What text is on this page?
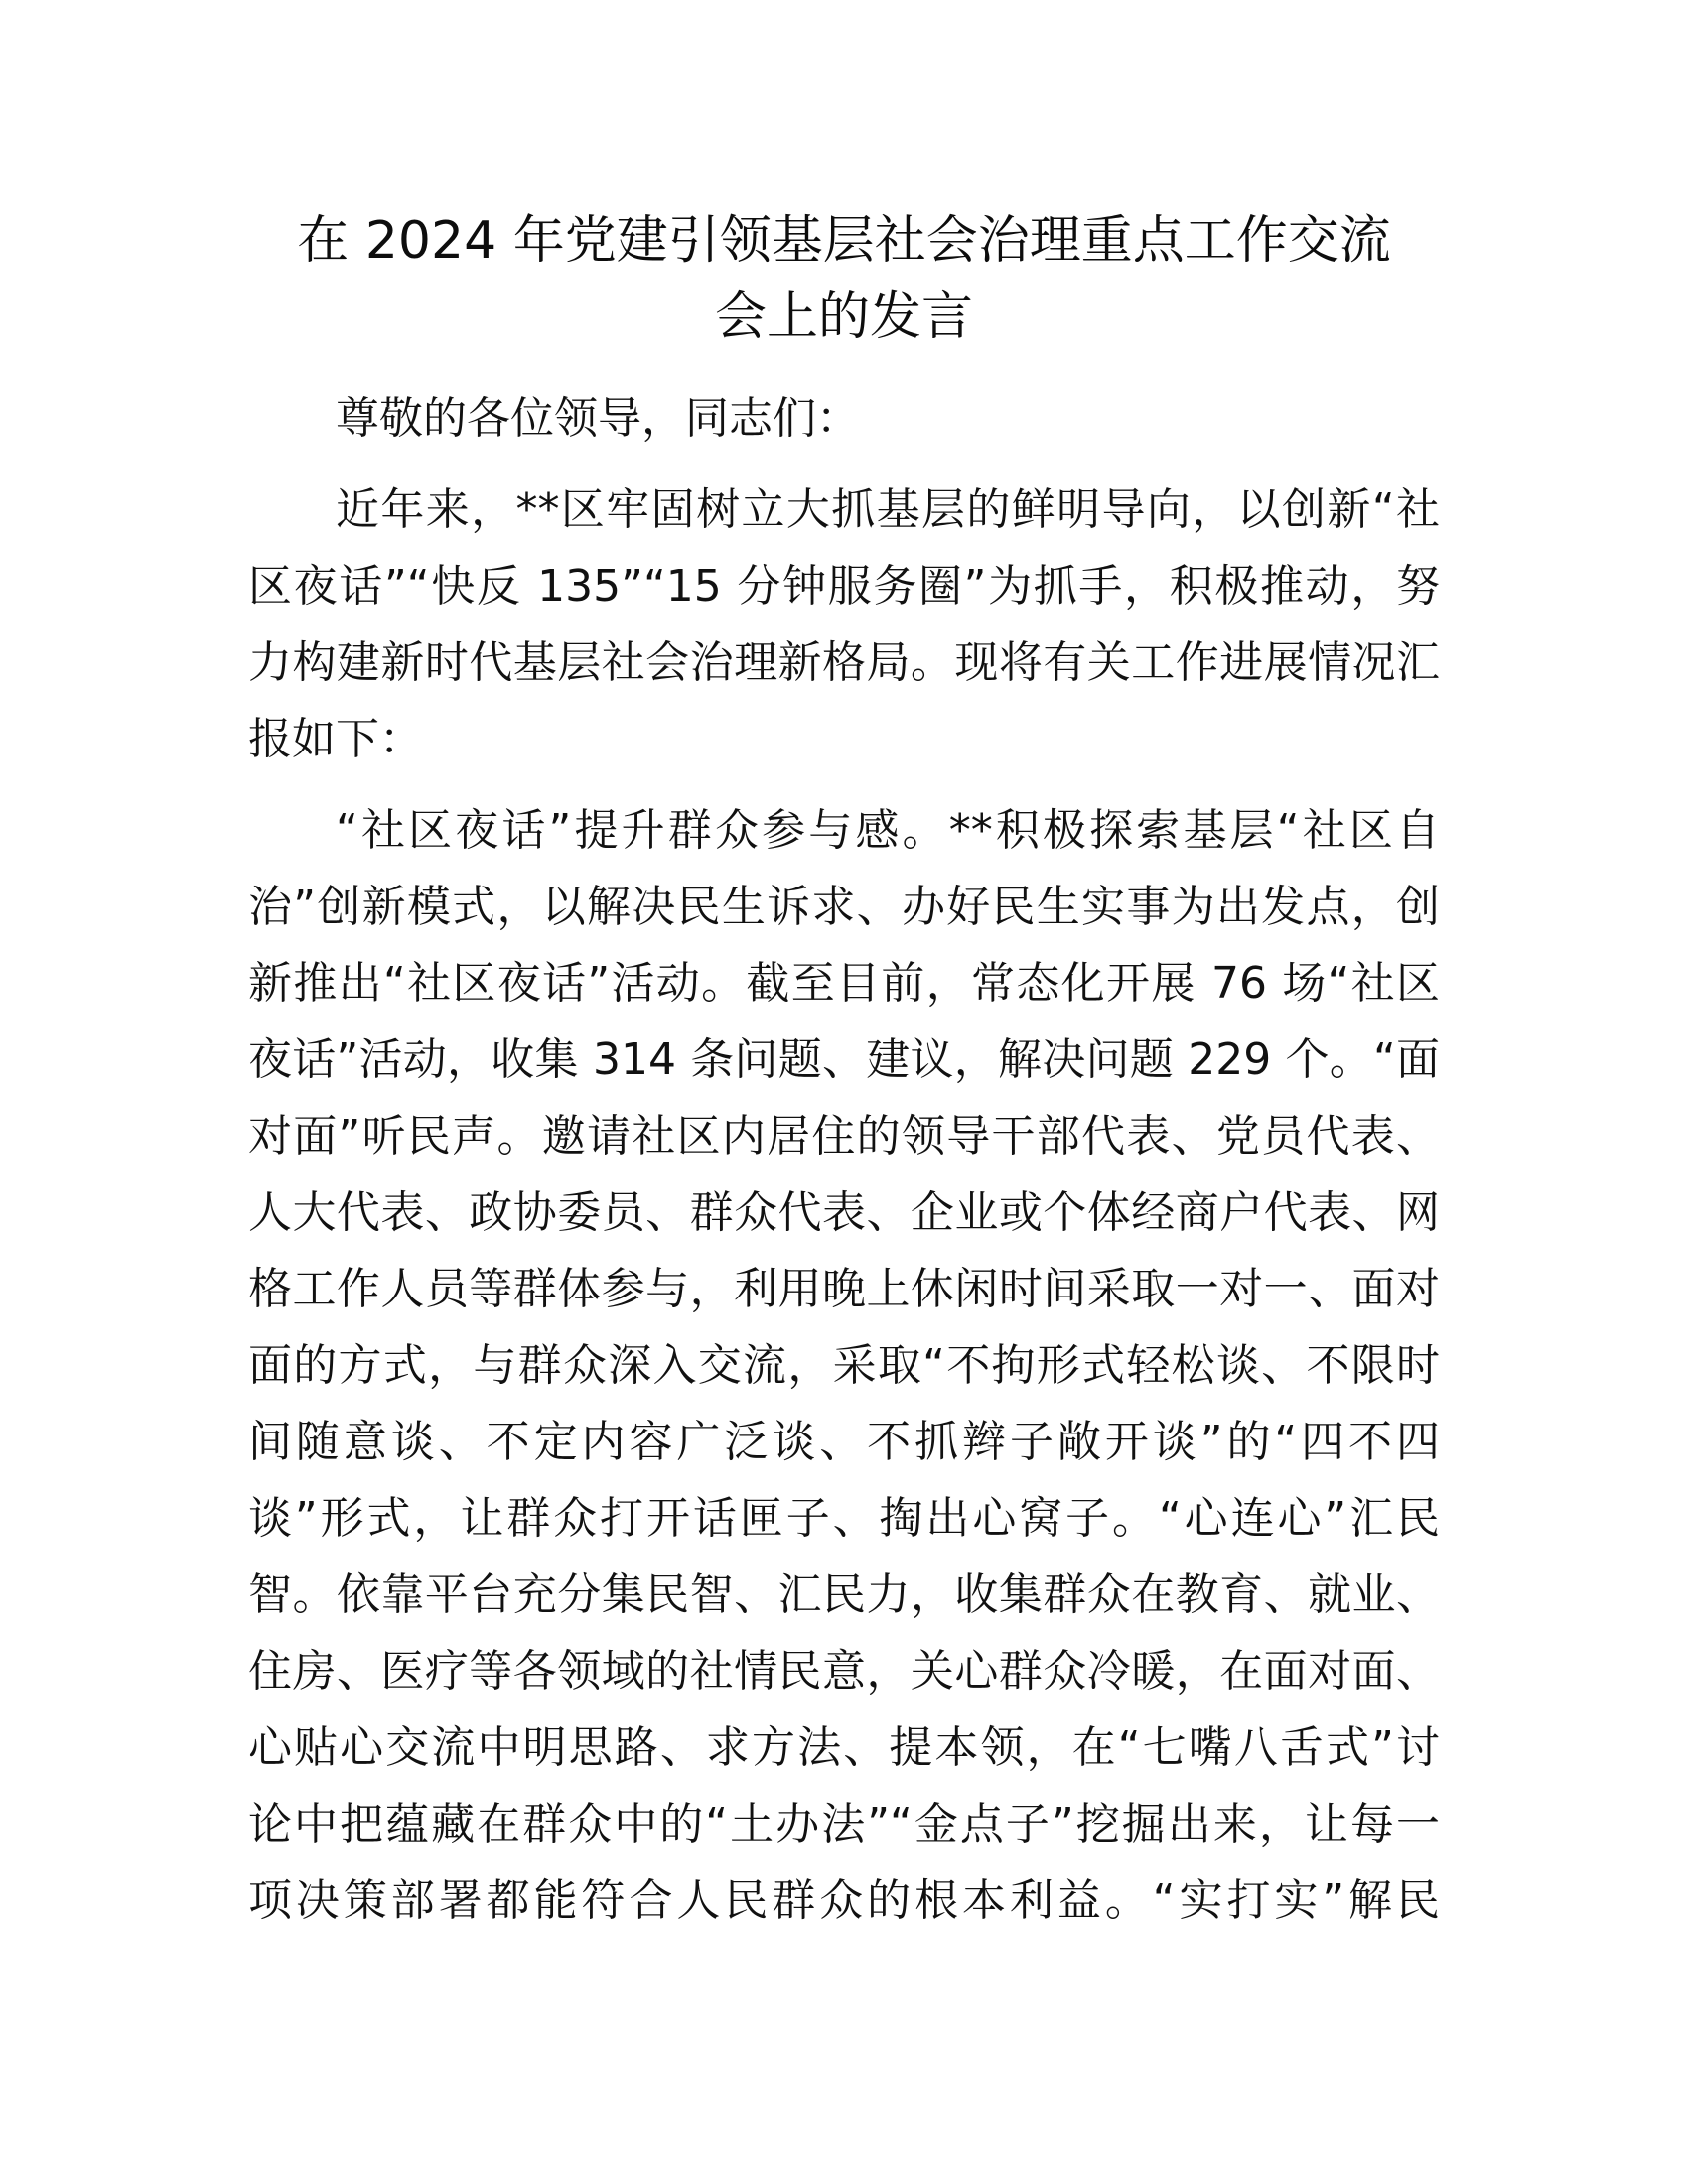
在 2024 年党建引领基层社会治理重点工作交流
会上的发言
尊敬的各位领导，同志们：
近年来，**区牢固树立大抓基层的鲜明导向，以创新“社
区夜话”“快反 135”“15 分钟服务圈”为抓手，积极推动，努
力构建新时代基层社会治理新格局。现将有关工作进展情况汇
报如下：
“社区夜话”提升群众参与感。**积极探索基层“社区自
治”创新模式，以解决民生诉求、办好民生实事为出发点，创
新推出“社区夜话”活动。截至目前，常态化开展 76 场“社区
夜话”活动，收集 314 条问题、建议，解决问题 229 个。“面
对面”听民声。邀请社区内居住的领导干部代表、党员代表、
人大代表、政协委员、群众代表、企业或个体经商户代表、网
格工作人员等群体参与，利用晚上休闲时间采取一对一、面对
面的方式，与群众深入交流，采取“不拘形式轻松谈、不限时
间随意谈、不定内容广泛谈、不抓辫子敞开谈”的“四不四
谈”形式，让群众打开话匣子、掏出心窝子。“心连心”汇民
智。依靠平台充分集民智、汇民力，收集群众在教育、就业、
住房、医疗等各领域的社情民意，关心群众冷暖，在面对面、
心贴心交流中明思路、求方法、提本领，在“七嘴八舌式”讨
论中把蕴藏在群众中的“土办法”“金点子”挖掘出来，让每一
项决策部署都能符合人民群众的根本利益。“实打实”解民
